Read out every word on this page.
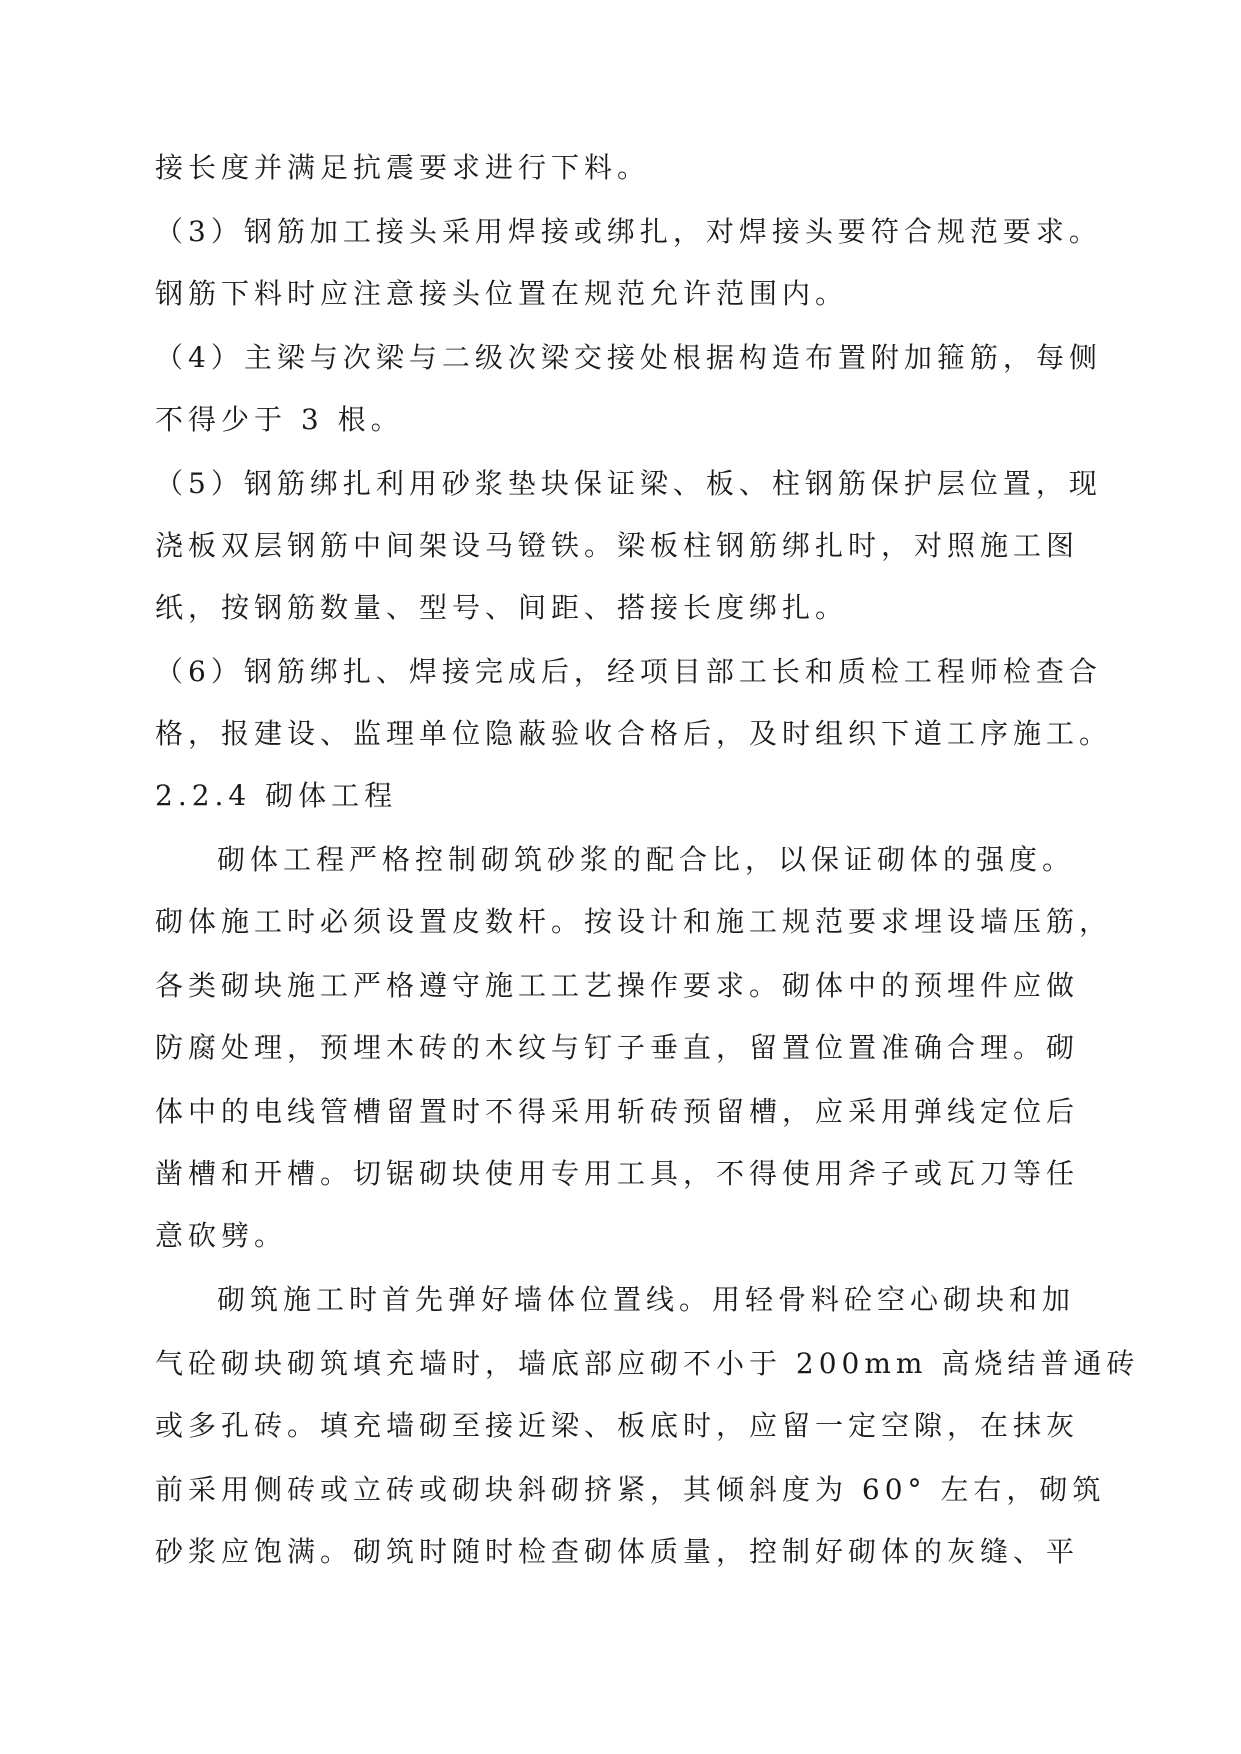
接长度并满足抗震要求进行下料。
（3）钢筋加工接头采用焊接或绑扎，对焊接头要符合规范要求。
钢筋下料时应注意接头位置在规范允许范围内。
（4）主梁与次梁与二级次梁交接处根据构造布置附加箍筋，每侧
不得少于 3 根。
（5）钢筋绑扎利用砂浆垫块保证梁、板、柱钢筋保护层位置，现
浇板双层钢筋中间架设马镫铁。梁板柱钢筋绑扎时，对照施工图
纸，按钢筋数量、型号、间距、搭接长度绑扎。
（6）钢筋绑扎、焊接完成后，经项目部工长和质检工程师检查合
格，报建设、监理单位隐蔽验收合格后，及时组织下道工序施工。
2.2.4 砌体工程
砌体工程严格控制砌筑砂浆的配合比，以保证砌体的强度。
砌体施工时必须设置皮数杆。按设计和施工规范要求埋设墙压筋，
各类砌块施工严格遵守施工工艺操作要求。砌体中的预埋件应做
防腐处理，预埋木砖的木纹与钉子垂直，留置位置准确合理。砌
体中的电线管槽留置时不得采用斩砖预留槽，应采用弹线定位后
凿槽和开槽。切锯砌块使用专用工具，不得使用斧子或瓦刀等任
意砍劈。
砌筑施工时首先弹好墙体位置线。用轻骨料砼空心砌块和加
气砼砌块砌筑填充墙时，墙底部应砌不小于 200mm 高烧结普通砖
或多孔砖。填充墙砌至接近梁、板底时，应留一定空隙，在抹灰
前采用侧砖或立砖或砌块斜砌挤紧，其倾斜度为 60° 左右，砌筑
砂浆应饱满。砌筑时随时检查砌体质量，控制好砌体的灰缝、平
